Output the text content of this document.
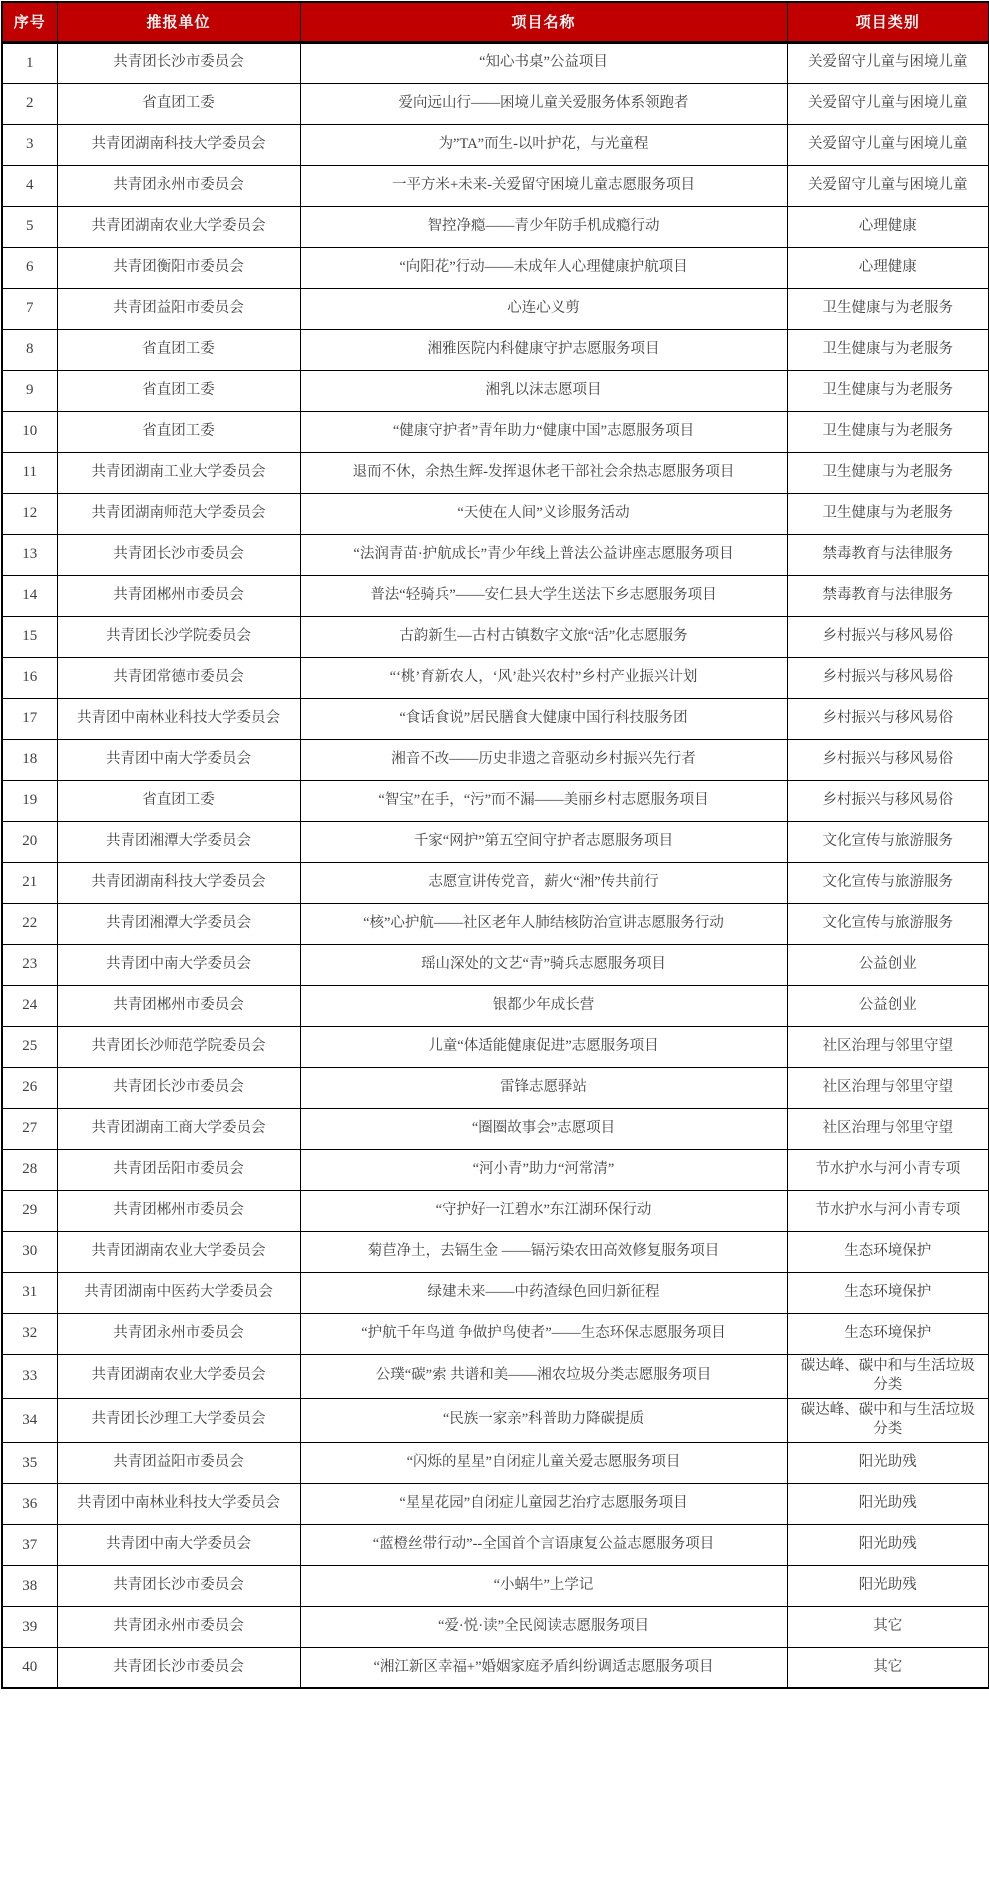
序号	推报单位	项目名称	项目类别
1	共青团长沙市委员会	“知心书桌”公益项目	关爱留守儿童与困境儿童
2	省直团工委	爱向远山行——困境儿童关爱服务体系领跑者	关爱留守儿童与困境儿童
3	共青团湖南科技大学委员会	为”TA”而生-以叶护花，与光童程	关爱留守儿童与困境儿童
4	共青团永州市委员会	一平方米+未来-关爱留守困境儿童志愿服务项目	关爱留守儿童与困境儿童
5	共青团湖南农业大学委员会	智控净瘾——青少年防手机成瘾行动	心理健康
6	共青团衡阳市委员会	“向阳花”行动——未成年人心理健康护航项目	心理健康
7	共青团益阳市委员会	心连心义剪	卫生健康与为老服务
8	省直团工委	湘雅医院内科健康守护志愿服务项目	卫生健康与为老服务
9	省直团工委	湘乳以沫志愿项目	卫生健康与为老服务
10	省直团工委	“健康守护者”青年助力“健康中国”志愿服务项目	卫生健康与为老服务
11	共青团湖南工业大学委员会	退而不休，余热生辉-发挥退休老干部社会余热志愿服务项目	卫生健康与为老服务
12	共青团湖南师范大学委员会	“天使在人间”义诊服务活动	卫生健康与为老服务
13	共青团长沙市委员会	“法润青苗·护航成长”青少年线上普法公益讲座志愿服务项目	禁毒教育与法律服务
14	共青团郴州市委员会	普法“轻骑兵”——安仁县大学生送法下乡志愿服务项目	禁毒教育与法律服务
15	共青团长沙学院委员会	古韵新生—古村古镇数字文旅“活”化志愿服务	乡村振兴与移风易俗
16	共青团常德市委员会	“‘桃’育新农人，‘风’赴兴农村”乡村产业振兴计划	乡村振兴与移风易俗
17	共青团中南林业科技大学委员会	“食话食说”居民膳食大健康中国行科技服务团	乡村振兴与移风易俗
18	共青团中南大学委员会	湘音不改——历史非遗之音驱动乡村振兴先行者	乡村振兴与移风易俗
19	省直团工委	“智宝”在手，“污”而不漏——美丽乡村志愿服务项目	乡村振兴与移风易俗
20	共青团湘潭大学委员会	千家“网护”第五空间守护者志愿服务项目	文化宣传与旅游服务
21	共青团湖南科技大学委员会	志愿宣讲传党音，薪火“湘”传共前行	文化宣传与旅游服务
22	共青团湘潭大学委员会	“核”心护航——社区老年人肺结核防治宣讲志愿服务行动	文化宣传与旅游服务
23	共青团中南大学委员会	瑶山深处的文艺“青”骑兵志愿服务项目	公益创业
24	共青团郴州市委员会	银都少年成长营	公益创业
25	共青团长沙师范学院委员会	儿童“体适能健康促进”志愿服务项目	社区治理与邻里守望
26	共青团长沙市委员会	雷锋志愿驿站	社区治理与邻里守望
27	共青团湖南工商大学委员会	“圈圈故事会”志愿项目	社区治理与邻里守望
28	共青团岳阳市委员会	“河小青”助力“河常清”	节水护水与河小青专项
29	共青团郴州市委员会	“守护好一江碧水”东江湖环保行动	节水护水与河小青专项
30	共青团湖南农业大学委员会	菊苣净土，去镉生金 ——镉污染农田高效修复服务项目	生态环境保护
31	共青团湖南中医药大学委员会	绿建未来——中药渣绿色回归新征程	生态环境保护
32	共青团永州市委员会	“护航千年鸟道 争做护鸟使者”——生态环保志愿服务项目	生态环境保护
33	共青团湖南农业大学委员会	公璞“碳”索 共谱和美——湘农垃圾分类志愿服务项目	碳达峰、碳中和与生活垃圾分类
34	共青团长沙理工大学委员会	“民族一家亲”科普助力降碳提质	碳达峰、碳中和与生活垃圾分类
35	共青团益阳市委员会	“闪烁的星星”自闭症儿童关爱志愿服务项目	阳光助残
36	共青团中南林业科技大学委员会	“星星花园”自闭症儿童园艺治疗志愿服务项目	阳光助残
37	共青团中南大学委员会	“蓝橙丝带行动”--全国首个言语康复公益志愿服务项目	阳光助残
38	共青团长沙市委员会	“小蜗牛”上学记	阳光助残
39	共青团永州市委员会	“爱·悦·读”全民阅读志愿服务项目	其它
40	共青团长沙市委员会	“湘江新区幸福+”婚姻家庭矛盾纠纷调适志愿服务项目	其它
